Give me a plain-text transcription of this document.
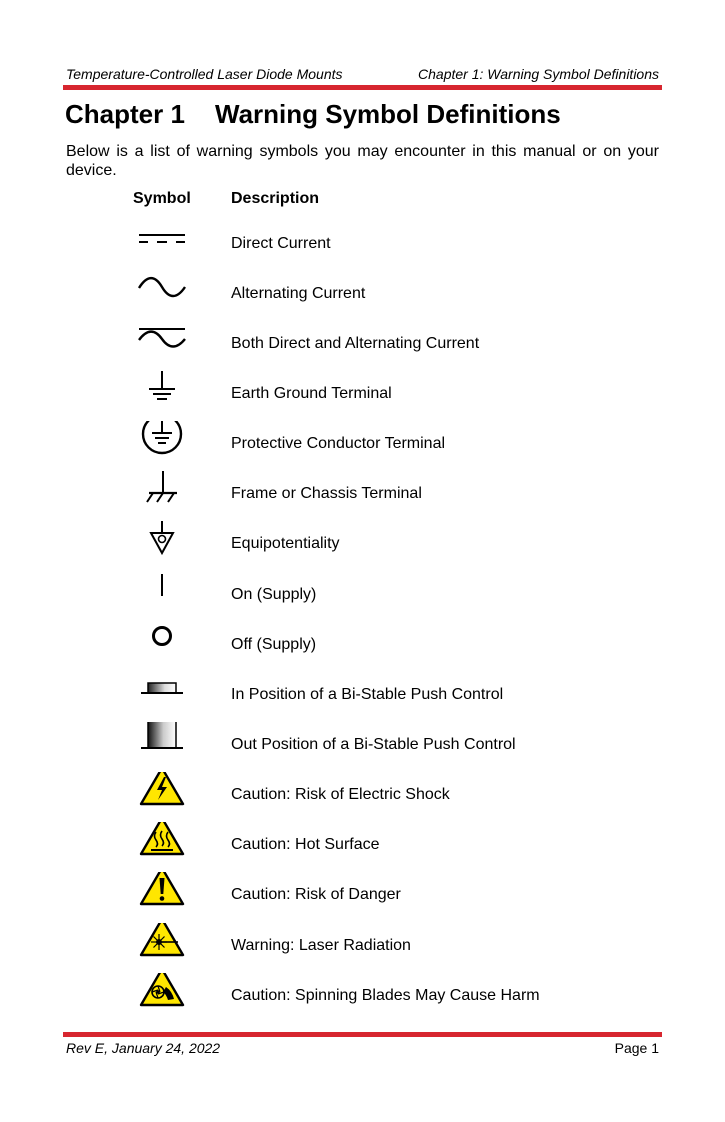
Temperature-Controlled Laser Diode Mounts	Chapter 1: Warning Symbol Definitions
Chapter 1 Warning Symbol Definitions
Below is a list of warning symbols you may encounter in this manual or on your device.
Symbol	Description
Direct Current
Alternating Current
Both Direct and Alternating Current
Earth Ground Terminal
Protective Conductor Terminal
Frame or Chassis Terminal
Equipotentiality
On (Supply)
Off (Supply)
In Position of a Bi-Stable Push Control
Out Position of a Bi-Stable Push Control
Caution: Risk of Electric Shock
Caution: Hot Surface
Caution: Risk of Danger
Warning: Laser Radiation
Caution: Spinning Blades May Cause Harm
Rev E, January 24, 2022	Page 1
